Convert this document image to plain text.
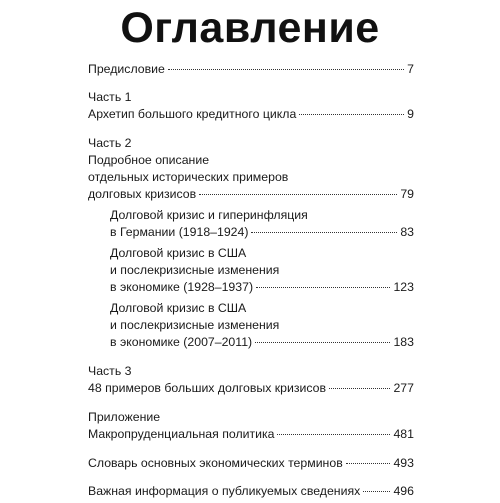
Оглавление
Предисловие	7
Часть 1
Архетип большого кредитного цикла	9
Часть 2
Подробное описание
отдельных исторических примеров
долговых кризисов	79
Долговой кризис и гиперинфляция
в Германии (1918–1924)	83
Долговой кризис в США
и послекризисные изменения
в экономике (1928–1937)	123
Долговой кризис в США
и послекризисные изменения
в экономике (2007–2011)	183
Часть 3
48 примеров больших долговых кризисов	277
Приложение
Макропруденциальная политика	481
Словарь основных экономических терминов	493
Важная информация о публикуемых сведениях	496
